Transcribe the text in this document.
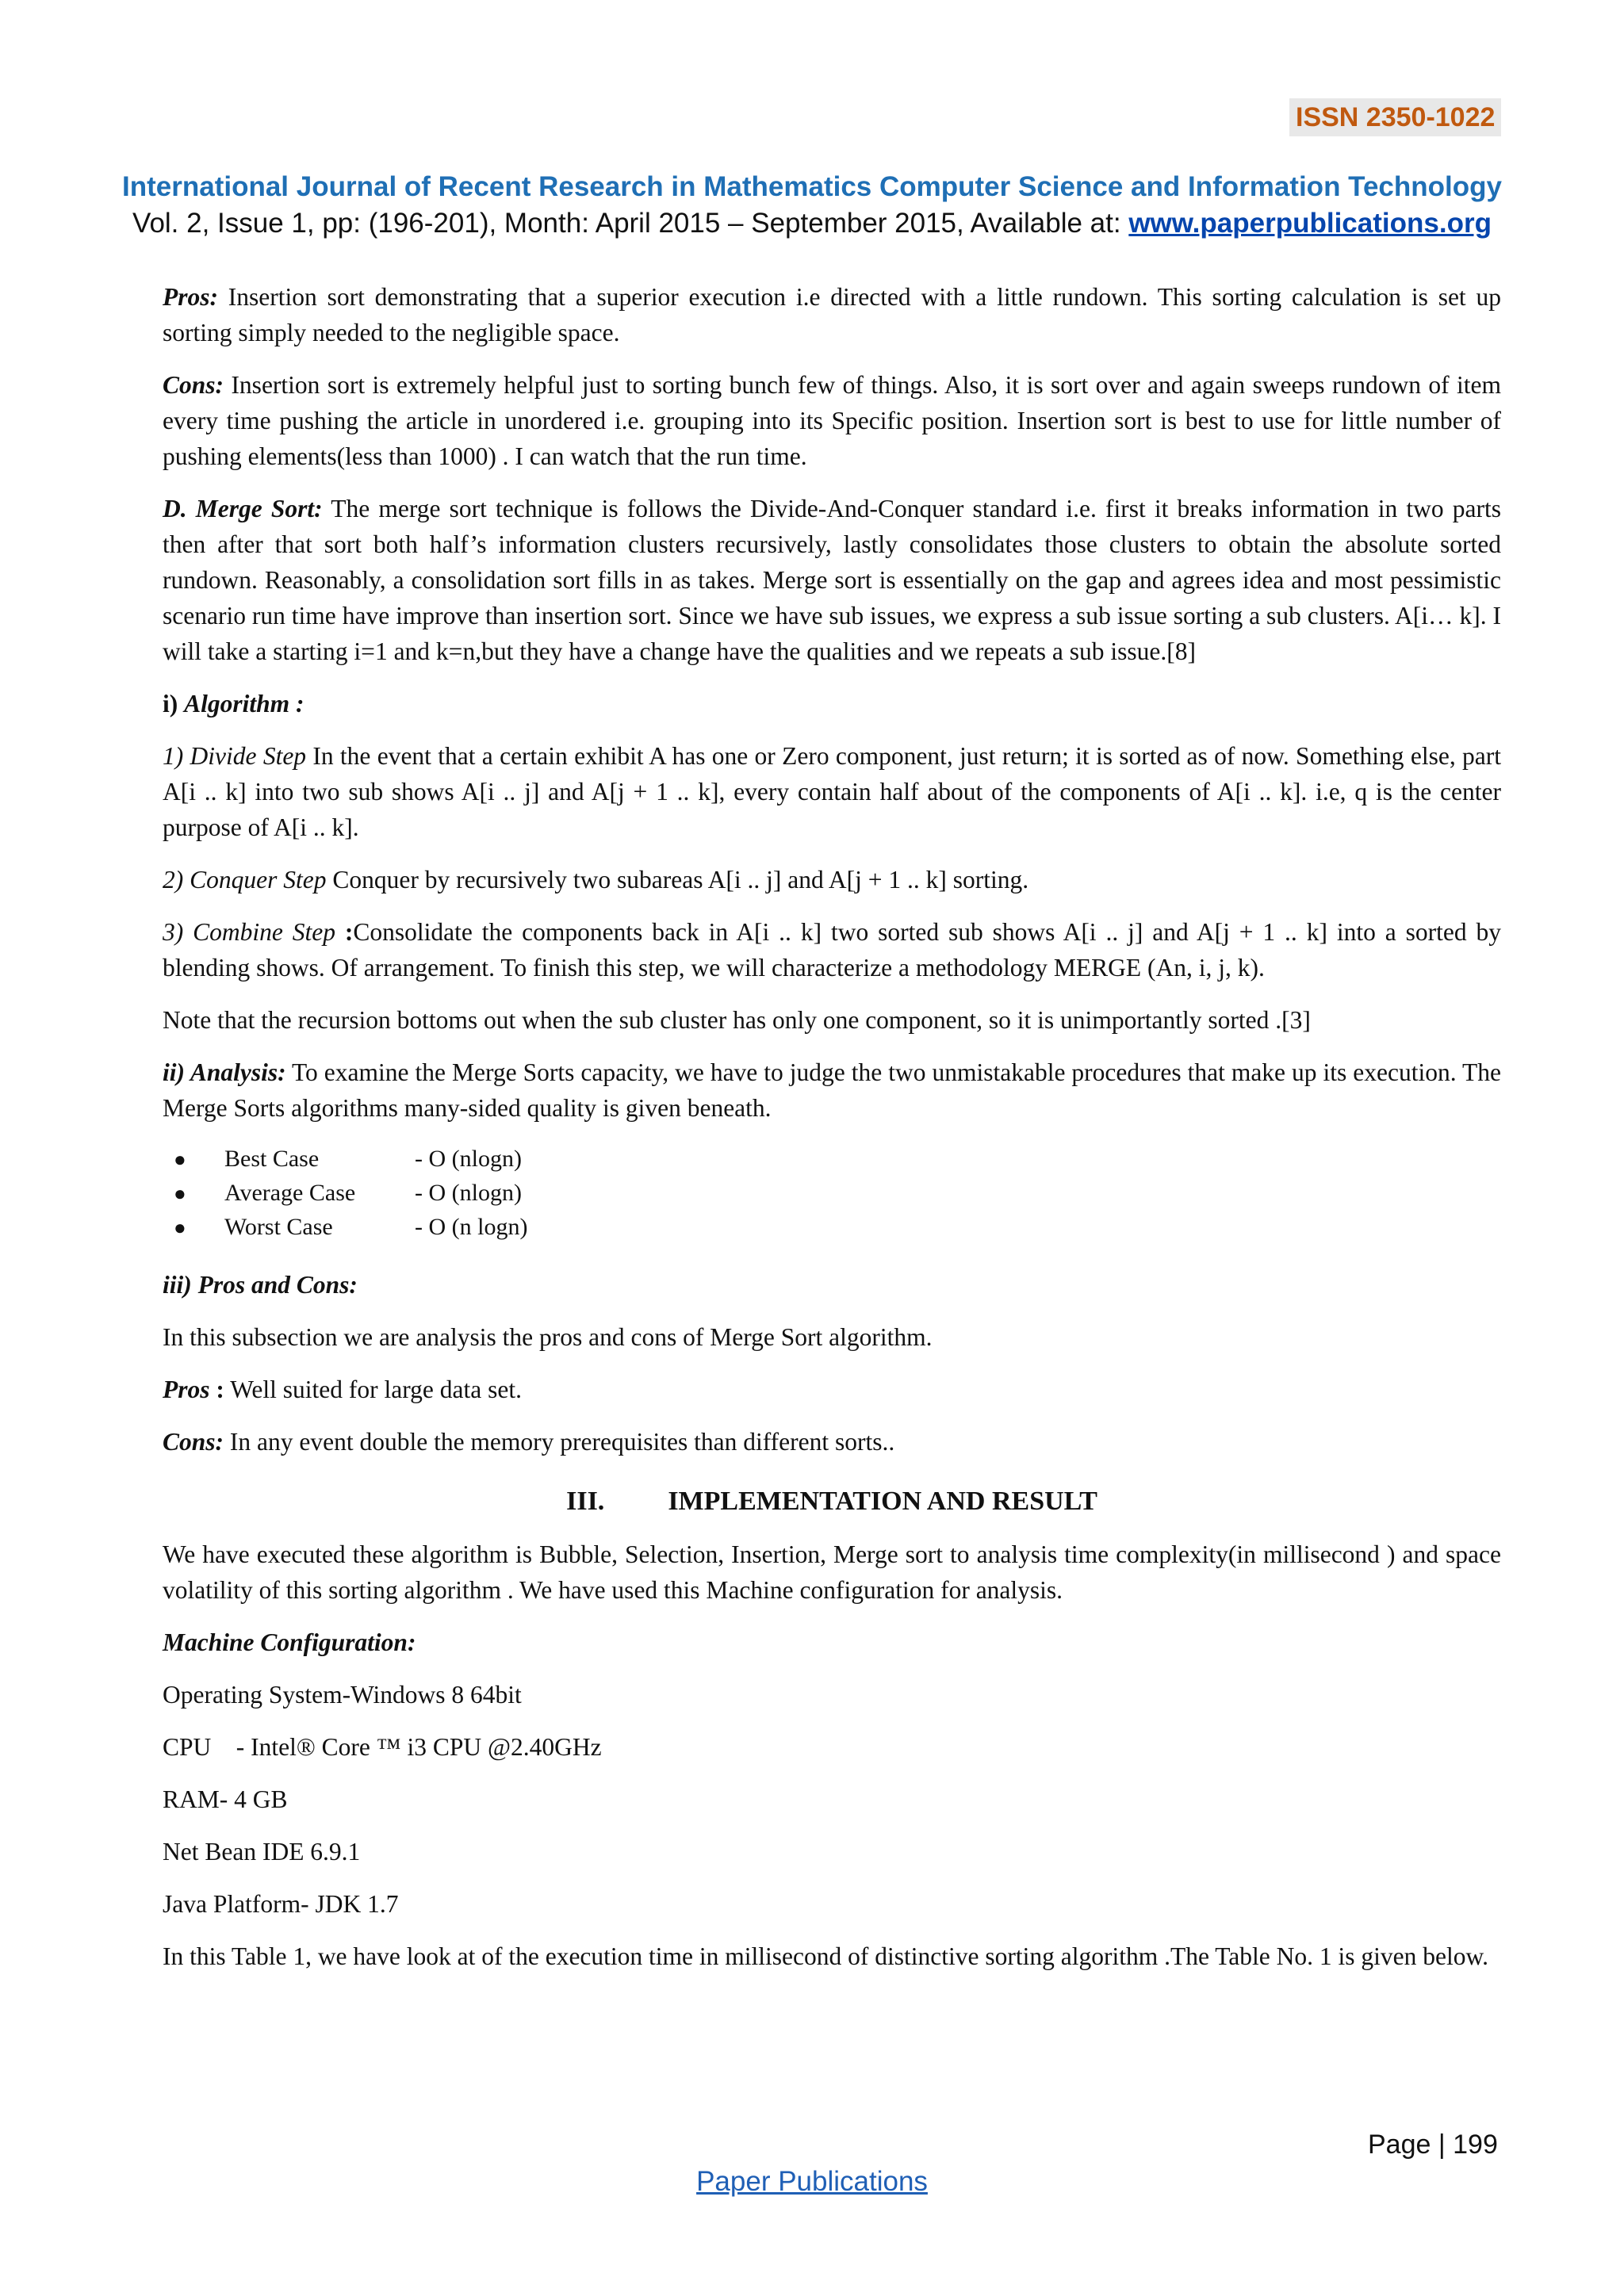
ISSN 2350-1022
International Journal of Recent Research in Mathematics Computer Science and Information Technology
Vol. 2, Issue 1, pp: (196-201), Month: April 2015 – September 2015, Available at: www.paperpublications.org

Pros: Insertion sort demonstrating that a superior execution i.e directed with a little rundown. This sorting calculation is set up sorting simply needed to the negligible space.

Cons: Insertion sort is extremely helpful just to sorting bunch few of things. Also, it is sort over and again sweeps rundown of item every time pushing the article in unordered i.e. grouping into its Specific position. Insertion sort is best to use for little number of pushing elements(less than 1000) . I can watch that the run time.

D. Merge Sort: The merge sort technique is follows the Divide-And-Conquer standard i.e. first it breaks information in two parts then after that sort both half’s information clusters recursively, lastly consolidates those clusters to obtain the absolute sorted rundown. Reasonably, a consolidation sort fills in as takes. Merge sort is essentially on the gap and agrees idea and most pessimistic scenario run time have improve than insertion sort. Since we have sub issues, we express a sub issue sorting a sub clusters. A[i… k]. I will take a starting i=1 and k=n,but they have a change have the qualities and we repeats a sub issue.[8]

i) Algorithm :

1) Divide Step In the event that a certain exhibit A has one or Zero component, just return; it is sorted as of now. Something else, part A[i .. k] into two sub shows A[i .. j] and A[j + 1 .. k], every contain half about of the components of A[i .. k]. i.e, q is the center purpose of A[i .. k].

2) Conquer Step Conquer by recursively two subareas A[i .. j] and A[j + 1 .. k] sorting.

3) Combine Step :Consolidate the components back in A[i .. k] two sorted sub shows A[i .. j] and A[j + 1 .. k] into a sorted by blending shows. Of arrangement. To finish this step, we will characterize a methodology MERGE (An, i, j, k).

Note that the recursion bottoms out when the sub cluster has only one component, so it is unimportantly sorted .[3]

ii) Analysis: To examine the Merge Sorts capacity, we have to judge the two unmistakable procedures that make up its execution. The Merge Sorts algorithms many-sided quality is given beneath.

●	Best Case	- O (nlogn)
●	Average Case	- O (nlogn)
●	Worst Case	- O (n logn)

iii) Pros and Cons:

In this subsection we are analysis the pros and cons of Merge Sort algorithm.

Pros : Well suited for large data set.

Cons: In any event double the memory prerequisites than different sorts..

III. IMPLEMENTATION AND RESULT

We have executed these algorithm is Bubble, Selection, Insertion, Merge sort to analysis time complexity(in millisecond ) and space volatility of this sorting algorithm . We have used this Machine configuration for analysis.

Machine Configuration:

Operating System-Windows 8 64bit

CPU    - Intel® Core ™ i3 CPU @2.40GHz

RAM- 4 GB

Net Bean IDE 6.9.1

Java Platform- JDK 1.7

In this Table 1, we have look at of the execution time in millisecond of distinctive sorting algorithm .The Table No. 1 is given below.

Page | 199
Paper Publications
